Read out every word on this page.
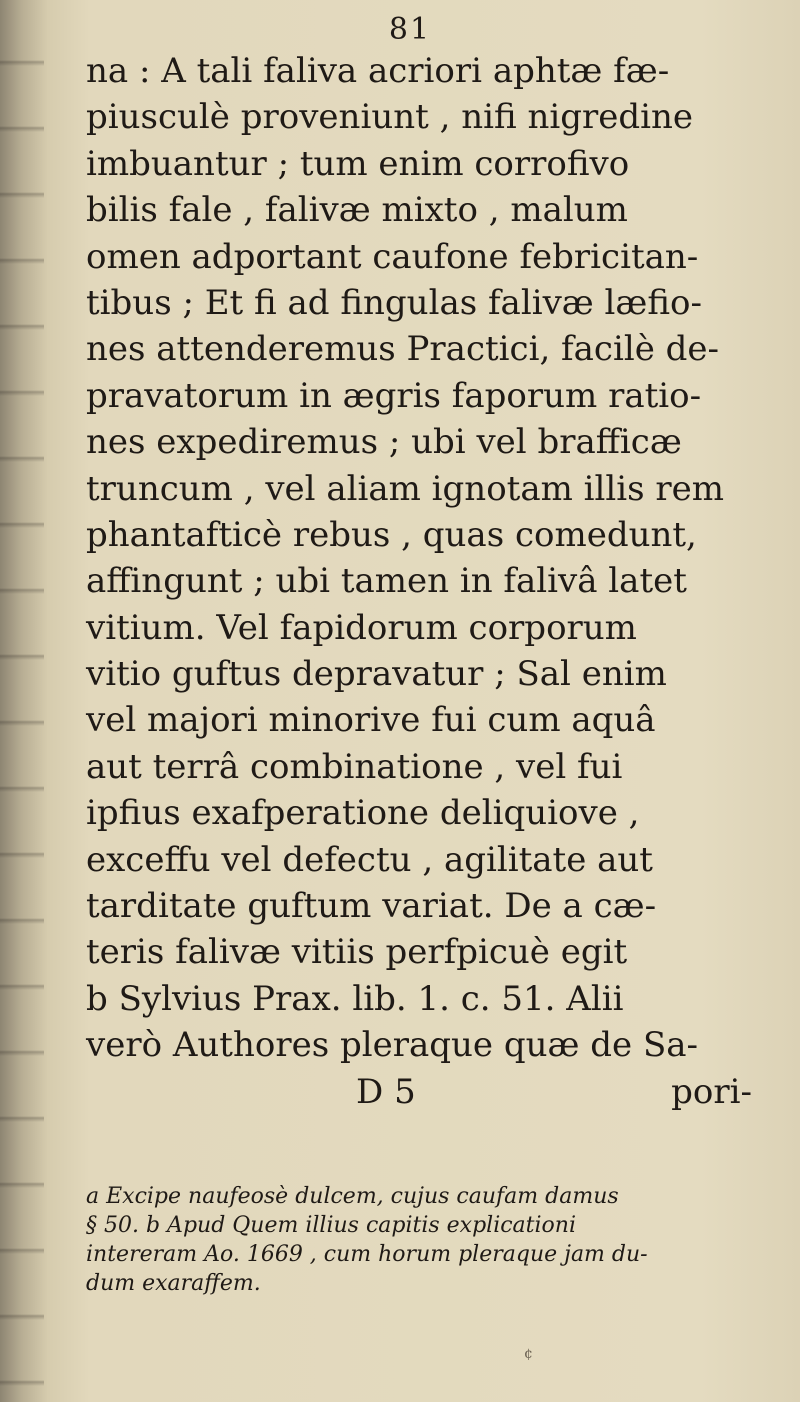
81
na : A tali faliva acriori aphtæ fæ-
piusculè proveniunt , nifi nigredine
imbuantur ; tum enim corrofivo
bilis fale , falivæ mixto , malum
omen adportant caufone febricitan-
tibus ; Et fi ad fingulas falivæ læfio-
nes attenderemus Practici, facilè de-
pravatorum in ægris faporum ratio-
nes expediremus ; ubi vel brafficæ
truncum , vel aliam ignotam illis rem
phantafticè rebus , quas comedunt,
affingunt ; ubi tamen in falivâ latet
vitium. Vel fapidorum corporum
vitio guftus depravatur ; Sal enim
vel majori minorive fui cum aquâ
aut terrâ combinatione , vel fui
ipfius exafperatione deliquiove ,
exceffu vel defectu , agilitate aut
tarditate guftum variat. De a cæ-
teris falivæ vitiis perfpicuè egit
b Sylvius Prax. lib. 1. c. 51. Alii
verò Authores pleraque quæ de Sa-
D 5	pori-
a Excipe naufeosè dulcem, cujus caufam damus
§ 50. b Apud Quem illius capitis explicationi
intereram Ao. 1669 , cum horum pleraque jam du-
dum exaraffem.
¢
